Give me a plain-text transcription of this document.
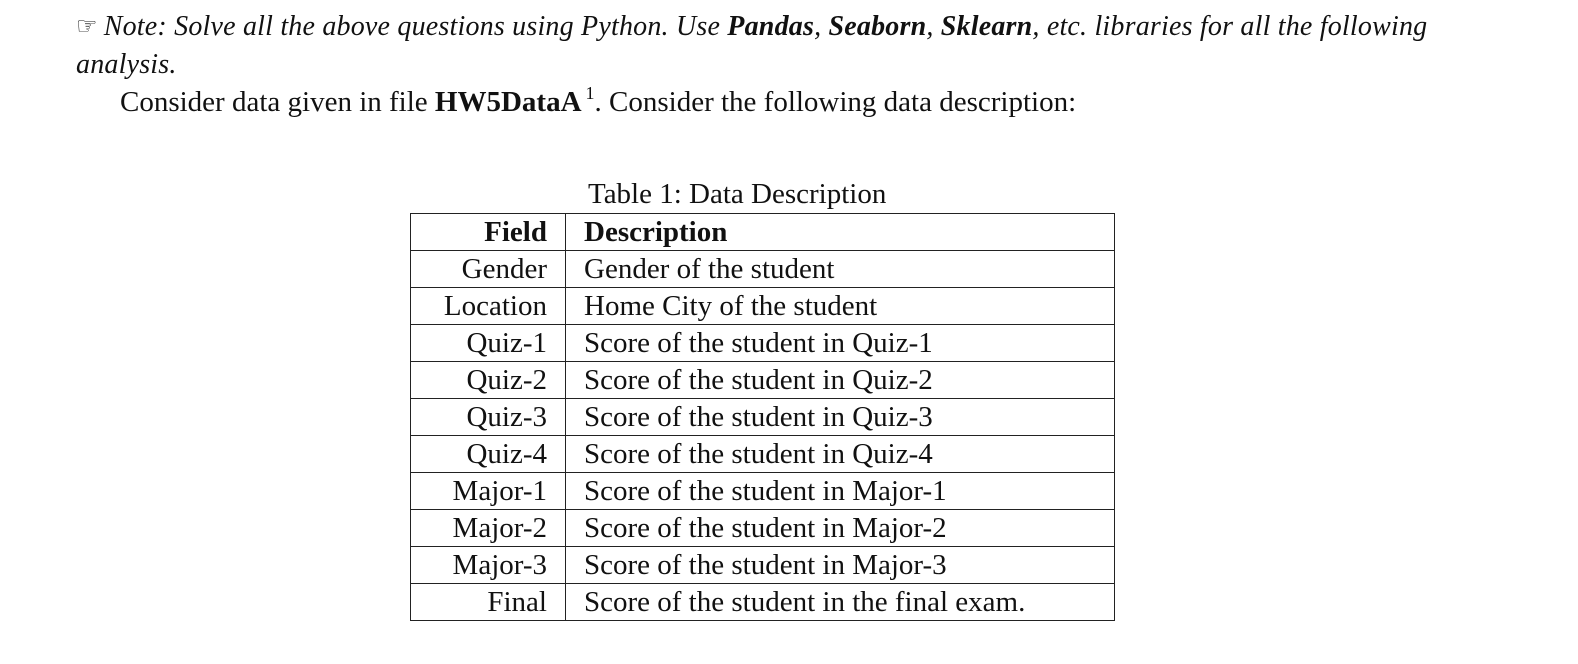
☞ Note: Solve all the above questions using Python. Use Pandas, Seaborn, Sklearn, etc. libraries for all the following analysis.
Consider data given in file HW5DataA $^1$. Consider the following data description:
Table 1: Data Description
Field	Description
Gender	Gender of the student
Location	Home City of the student
Quiz-1	Score of the student in Quiz-1
Quiz-2	Score of the student in Quiz-2
Quiz-3	Score of the student in Quiz-3
Quiz-4	Score of the student in Quiz-4
Major-1	Score of the student in Major-1
Major-2	Score of the student in Major-2
Major-3	Score of the student in Major-3
Final	Score of the student in the final exam.
